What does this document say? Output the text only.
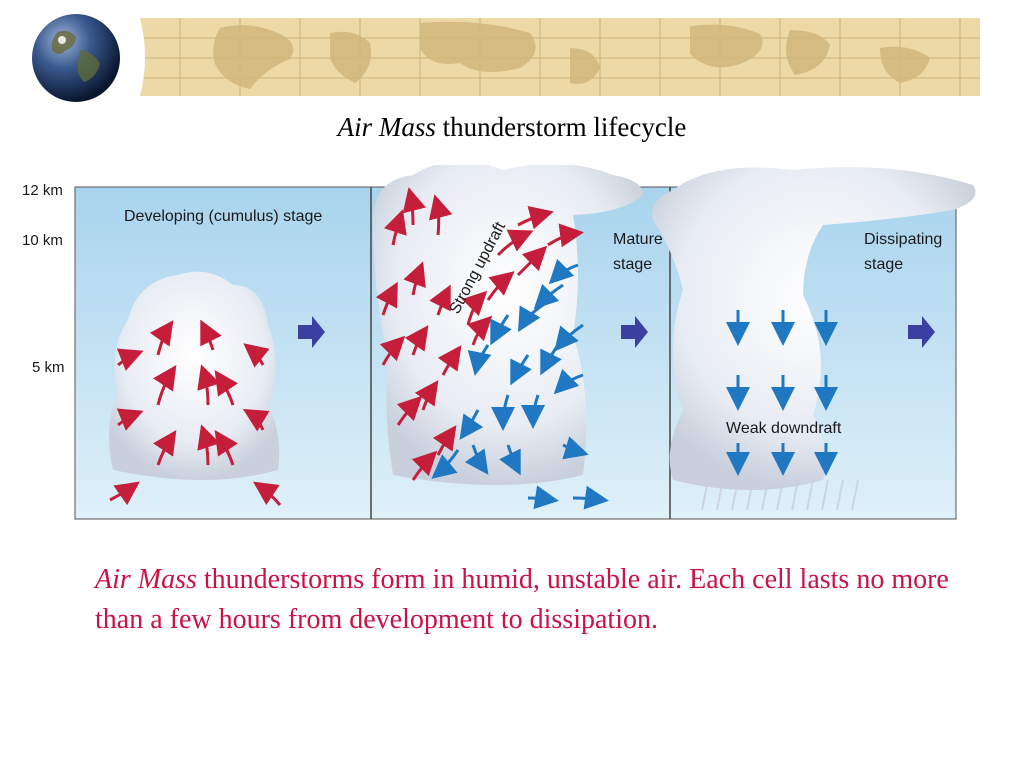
Air Mass thunderstorm lifecycle
12 km
10 km
5 km
Developing (cumulus) stage
Mature
stage
Dissipating
stage
Strong updraft
Weak downdraft
Air Mass thunderstorms form in humid, unstable air. Each cell lasts no more than a few hours from development to dissipation.
